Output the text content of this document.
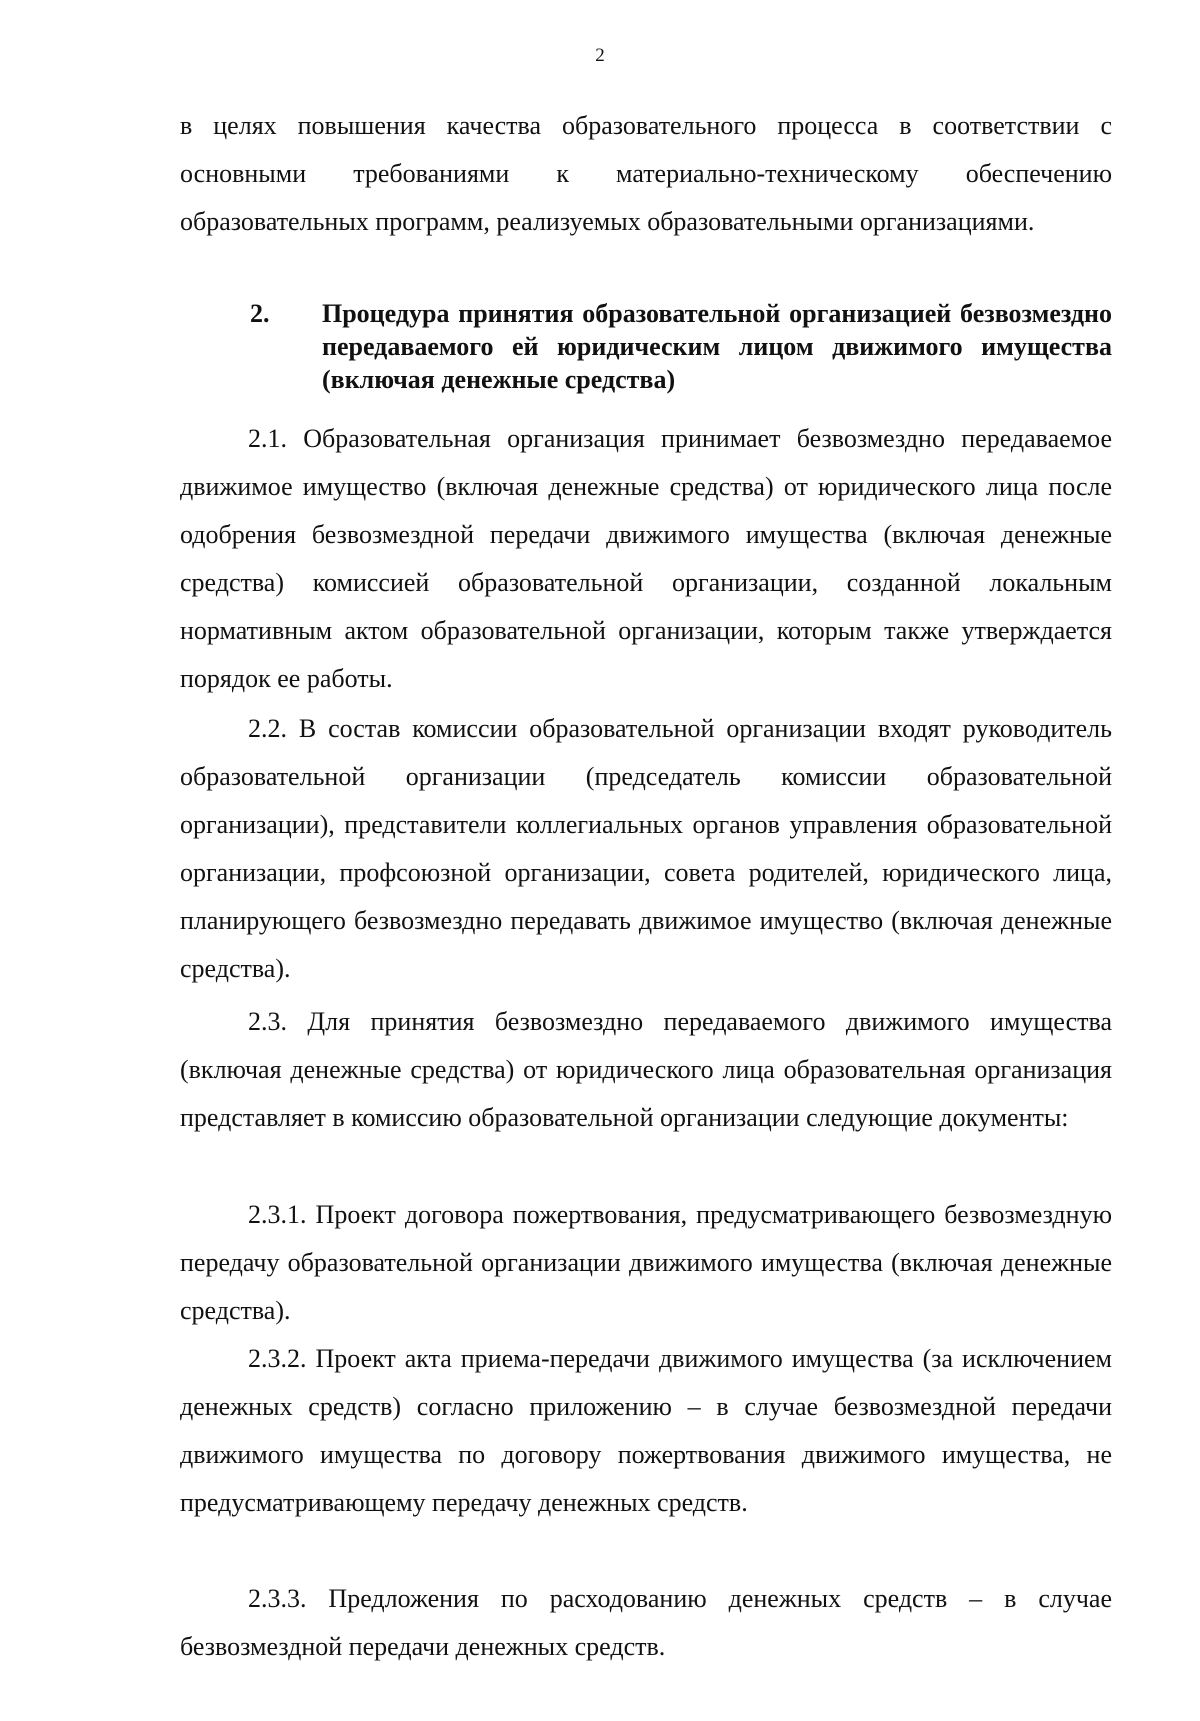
2
в целях повышения качества образовательного процесса в соответствии с основными требованиями к материально-техническому обеспечению образовательных программ, реализуемых образовательными организациями.
2. Процедура принятия образовательной организацией безвозмездно передаваемого ей юридическим лицом движимого имущества (включая денежные средства)
2.1. Образовательная организация принимает безвозмездно передаваемое движимое имущество (включая денежные средства) от юридического лица после одобрения безвозмездной передачи движимого имущества (включая денежные средства) комиссией образовательной организации, созданной локальным нормативным актом образовательной организации, которым также утверждается порядок ее работы.
2.2. В состав комиссии образовательной организации входят руководитель образовательной организации (председатель комиссии образовательной организации), представители коллегиальных органов управления образовательной организации, профсоюзной организации, совета родителей, юридического лица, планирующего безвозмездно передавать движимое имущество (включая денежные средства).
2.3. Для принятия безвозмездно передаваемого движимого имущества (включая денежные средства) от юридического лица образовательная организация представляет в комиссию образовательной организации следующие документы:
2.3.1. Проект договора пожертвования, предусматривающего безвозмездную передачу образовательной организации движимого имущества (включая денежные средства).
2.3.2. Проект акта приема-передачи движимого имущества (за исключением денежных средств) согласно приложению – в случае безвозмездной передачи движимого имущества по договору пожертвования движимого имущества, не предусматривающему передачу денежных средств.
2.3.3. Предложения по расходованию денежных средств – в случае безвозмездной передачи денежных средств.
